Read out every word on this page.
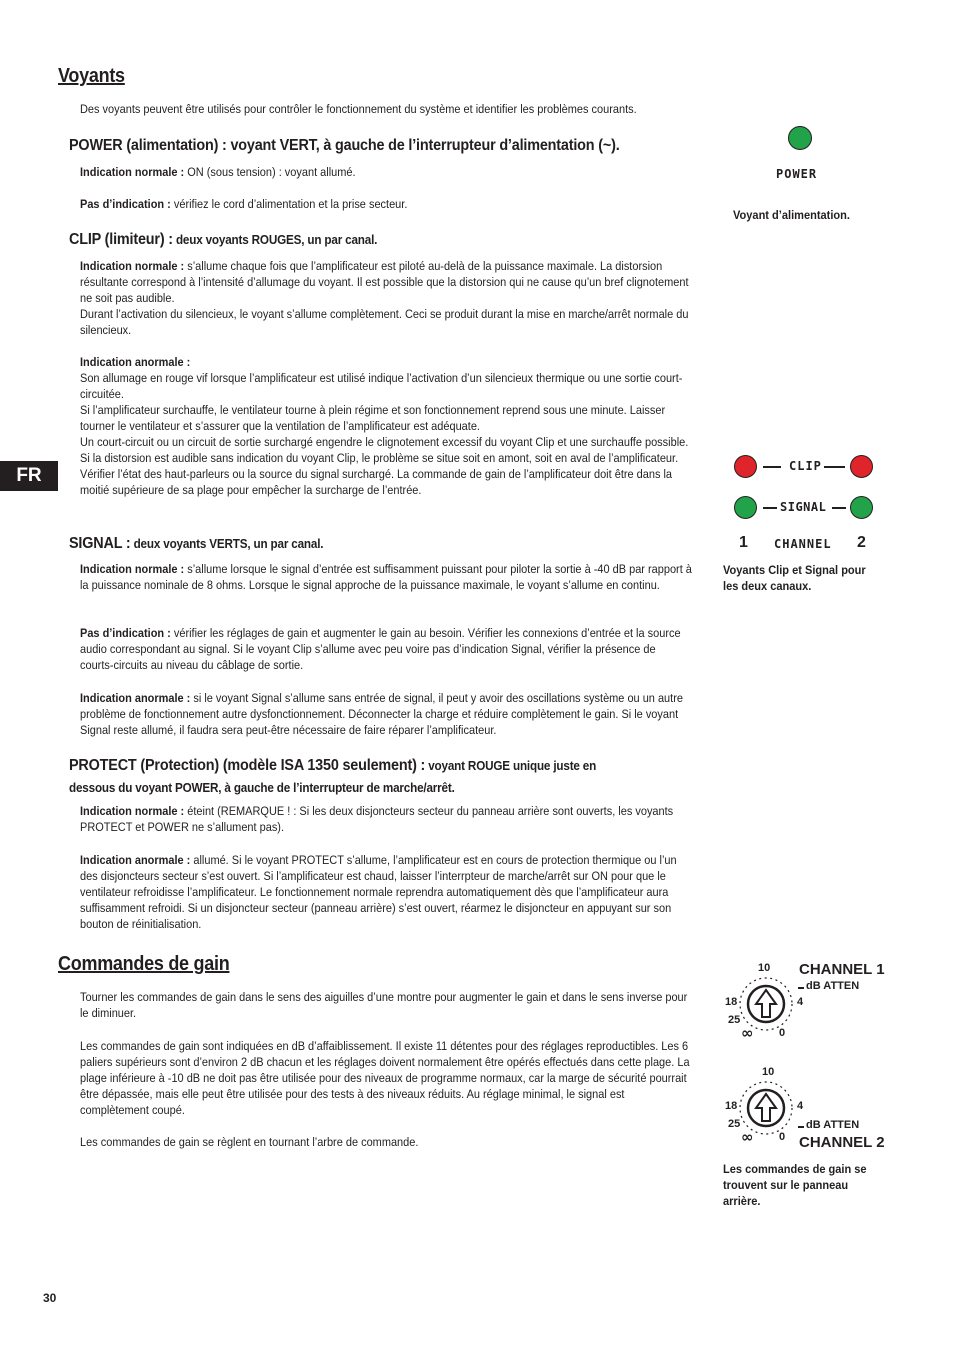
FR
30
Voyants
Des voyants peuvent être utilisés pour contrôler le fonctionnement du système et identifier les problèmes courants.
POWER (alimentation) : voyant VERT, à gauche de l’interrupteur d’alimentation (~).
Indication normale : ON (sous tension) : voyant allumé.
Pas d’indication : vérifiez le cord d’alimentation et la prise secteur.
CLIP (limiteur) : deux voyants ROUGES, un par canal.

Indication normale : s’allume chaque fois que l’amplificateur est piloté au-delà de la puissance maximale. La distorsion résultante correspond à l’intensité d’allumage du voyant. Il est possible que la distorsion qui ne cause qu’un bref clignotement ne soit pas audible.

Durant l’activation du silencieux, le voyant s’allume complètement. Ceci se produit durant la mise en marche/arrêt normale du silencieux.

Indication anormale :

Son allumage en rouge vif lorsque l’amplificateur est utilisé indique l’activation d’un silencieux thermique ou une sortie court-circuitée.

Si l’amplificateur surchauffe, le ventilateur tourne à plein régime et son fonctionnement reprend sous une minute. Laisser tourner le ventilateur et s’assurer que la ventilation de l’amplificateur est adéquate.

Un court-circuit ou un circuit de sortie surchargé engendre le clignotement excessif du voyant Clip et une surchauffe possible.

Si la distorsion est audible sans indication du voyant Clip, le problème se situe soit en amont, soit en aval de l’amplificateur. Vérifier l’état des haut-parleurs ou la source du signal surchargé. La commande de gain de l’amplificateur doit être dans la moitié supérieure de sa plage pour empêcher la surcharge de l’entrée.

SIGNAL : deux voyants VERTS, un par canal.
Indication normale : s’allume lorsque le signal d’entrée est suffisamment puissant pour piloter la sortie à -40 dB par rapport à la puissance nominale de 8 ohms. Lorsque le signal approche de la puissance maximale, le voyant s’allume en continu.
Pas d’indication : vérifier les réglages de gain et augmenter le gain au besoin. Vérifier les connexions d’entrée et la source audio correspondant au signal. Si le voyant Clip s’allume avec peu voire pas d’indication Signal, vérifier la présence de courts-circuits au niveau du câblage de sortie.
Indication anormale : si le voyant Signal s’allume sans entrée de signal, il peut y avoir des oscillations système ou un autre problème de fonctionnement autre dysfonctionnement. Déconnecter la charge et réduire complètement le gain. Si le voyant Signal reste allumé, il faudra sera peut-être nécessaire de faire réparer l’amplificateur.
PROTECT (Protection) (modèle ISA 1350 seulement) : voyant ROUGE unique juste en
dessous du voyant POWER, à gauche de l’interrupteur de marche/arrêt.
Indication normale : éteint (REMARQUE ! : Si les deux disjoncteurs secteur du panneau arrière sont ouverts, les voyants PROTECT et POWER ne s’allument pas).
Indication anormale : allumé. Si le voyant PROTECT s’allume, l’amplificateur est en cours de protection thermique ou l’un des disjoncteurs secteur s’est ouvert. Si l’amplificateur est chaud, laisser l’interrpteur de marche/arrêt sur ON pour que le ventilateur refroidisse l’amplificateur. Le fonctionnement normale reprendra automatiquement dès que l’amplificateur aura suffisamment refroidi. Si un disjoncteur secteur (panneau arrière) s’est ouvert, réarmez le disjoncteur en appuyant sur son bouton de réinitialisation.
Commandes de gain
Tourner les commandes de gain dans le sens des aiguilles d’une montre pour augmenter le gain et dans le sens inverse pour le diminuer.
Les commandes de gain sont indiquées en dB d’affaiblissement. Il existe 11 détentes pour des réglages reproductibles. Les 6 paliers supérieurs sont d’environ 2 dB chacun et les réglages doivent normalement être opérés effectués dans cette plage. La plage inférieure à -10 dB ne doit pas être utilisée pour des niveaux de programme normaux, car la marge de sécurité pourrait être dépassée, mais elle peut être utilisée pour des tests à des niveaux réduits. Au réglage minimal, le signal est complètement coupé.
Les commandes de gain se règlent en tournant l’arbre de commande.
POWER
Voyant d’alimentation.
CLIP
SIGNAL
1 CHANNEL 2
Voyants Clip et Signal pour les deux canaux.
10
18
25
∞
4
0
CHANNEL 1
dB ATTEN
10
18
25
∞
4
0
dB ATTEN
CHANNEL 2
Les commandes de gain se trouvent sur le panneau arrière.
